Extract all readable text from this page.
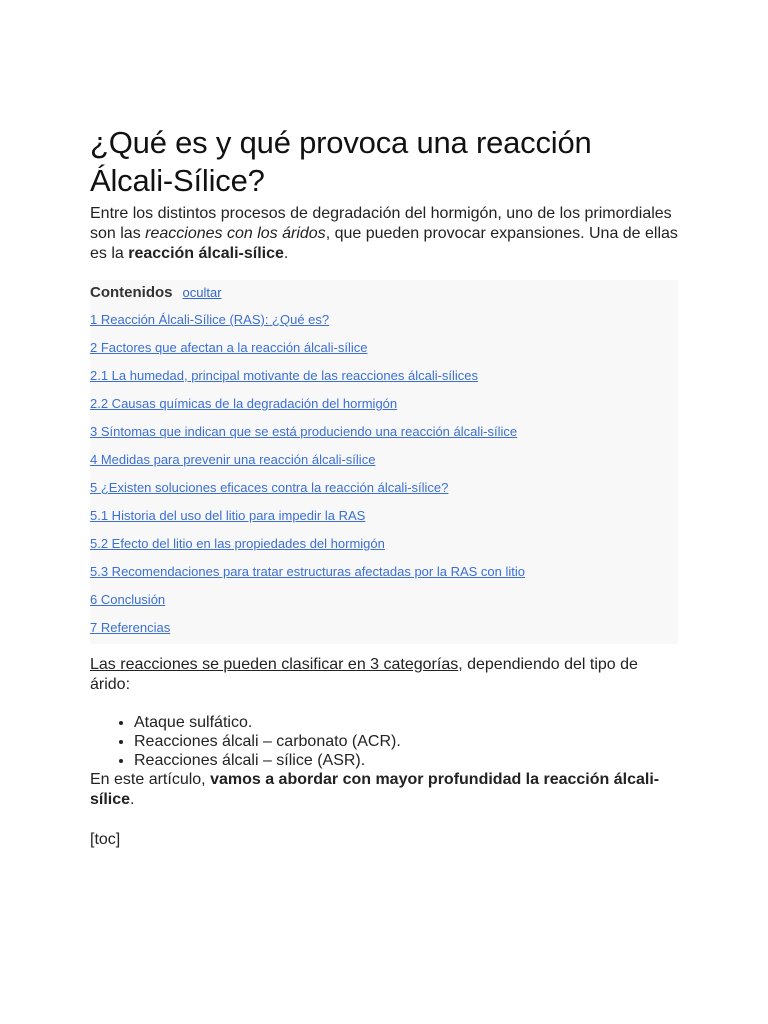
¿Qué es y qué provoca una reacción Álcali-Sílice?

Entre los distintos procesos de degradación del hormigón, uno de los primordiales son las reacciones con los áridos, que pueden provocar expansiones. Una de ellas es la reacción álcali-sílice.

Contenidos ocultar
1 Reacción Álcali-Sílice (RAS): ¿Qué es?
2 Factores que afectan a la reacción álcali-sílice
2.1 La humedad, principal motivante de las reacciones álcali-sílices
2.2 Causas químicas de la degradación del hormigón
3 Síntomas que indican que se está produciendo una reacción álcali-sílice
4 Medidas para prevenir una reacción álcali-sílice
5 ¿Existen soluciones eficaces contra la reacción álcali-sílice?
5.1 Historia del uso del litio para impedir la RAS
5.2 Efecto del litio en las propiedades del hormigón
5.3 Recomendaciones para tratar estructuras afectadas por la RAS con litio
6 Conclusión
7 Referencias

Las reacciones se pueden clasificar en 3 categorías, dependiendo del tipo de árido:

• Ataque sulfático.
• Reacciones álcali – carbonato (ACR).
• Reacciones álcali – sílice (ASR).

En este artículo, vamos a abordar con mayor profundidad la reacción álcali-sílice.

[toc]
